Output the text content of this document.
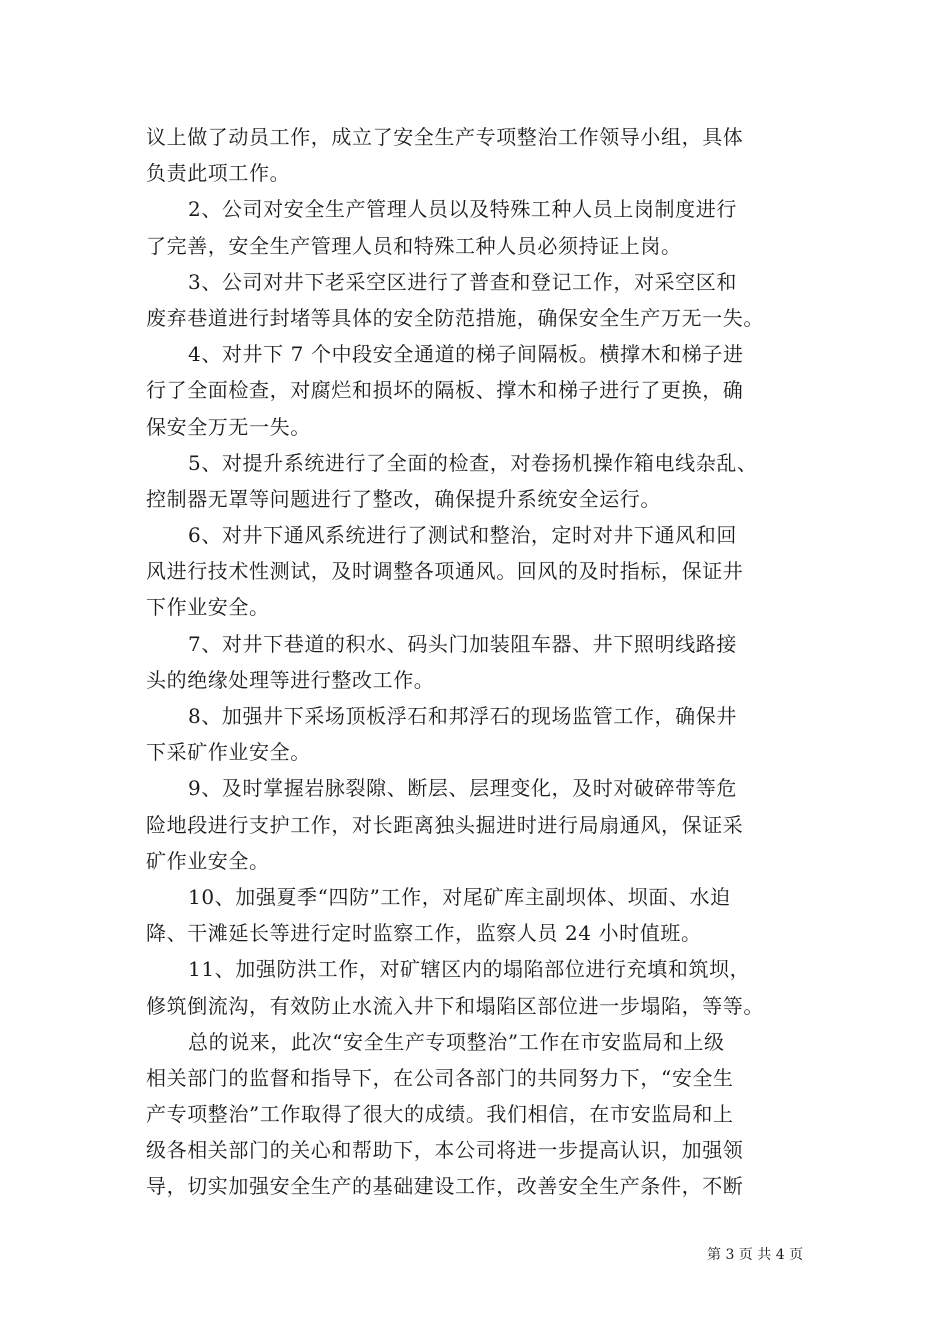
议上做了动员工作，成立了安全生产专项整治工作领导小组，具体
负责此项工作。
2、公司对安全生产管理人员以及特殊工种人员上岗制度进行
了完善，安全生产管理人员和特殊工种人员必须持证上岗。
3、公司对井下老采空区进行了普查和登记工作，对采空区和
废弃巷道进行封堵等具体的安全防范措施，确保安全生产万无一失。
4、对井下 7 个中段安全通道的梯子间隔板。横撑木和梯子进
行了全面检查，对腐烂和损坏的隔板、撑木和梯子进行了更换，确
保安全万无一失。
5、对提升系统进行了全面的检查，对卷扬机操作箱电线杂乱、
控制器无罩等问题进行了整改，确保提升系统安全运行。
6、对井下通风系统进行了测试和整治，定时对井下通风和回
风进行技术性测试，及时调整各项通风。回风的及时指标，保证井
下作业安全。
7、对井下巷道的积水、码头门加装阻车器、井下照明线路接
头的绝缘处理等进行整改工作。
8、加强井下采场顶板浮石和邦浮石的现场监管工作，确保井
下采矿作业安全。
9、及时掌握岩脉裂隙、断层、层理变化，及时对破碎带等危
险地段进行支护工作，对长距离独头掘进时进行局扇通风，保证采
矿作业安全。
10、加强夏季“四防”工作，对尾矿库主副坝体、坝面、水迫
降、干滩延长等进行定时监察工作，监察人员 24 小时值班。
11、加强防洪工作，对矿辖区内的塌陷部位进行充填和筑坝，
修筑倒流沟，有效防止水流入井下和塌陷区部位进一步塌陷，等等。
总的说来，此次“安全生产专项整治”工作在市安监局和上级
相关部门的监督和指导下，在公司各部门的共同努力下，“安全生
产专项整治”工作取得了很大的成绩。我们相信，在市安监局和上
级各相关部门的关心和帮助下，本公司将进一步提高认识，加强领
导，切实加强安全生产的基础建设工作，改善安全生产条件，不断
第 3 页 共 4 页
